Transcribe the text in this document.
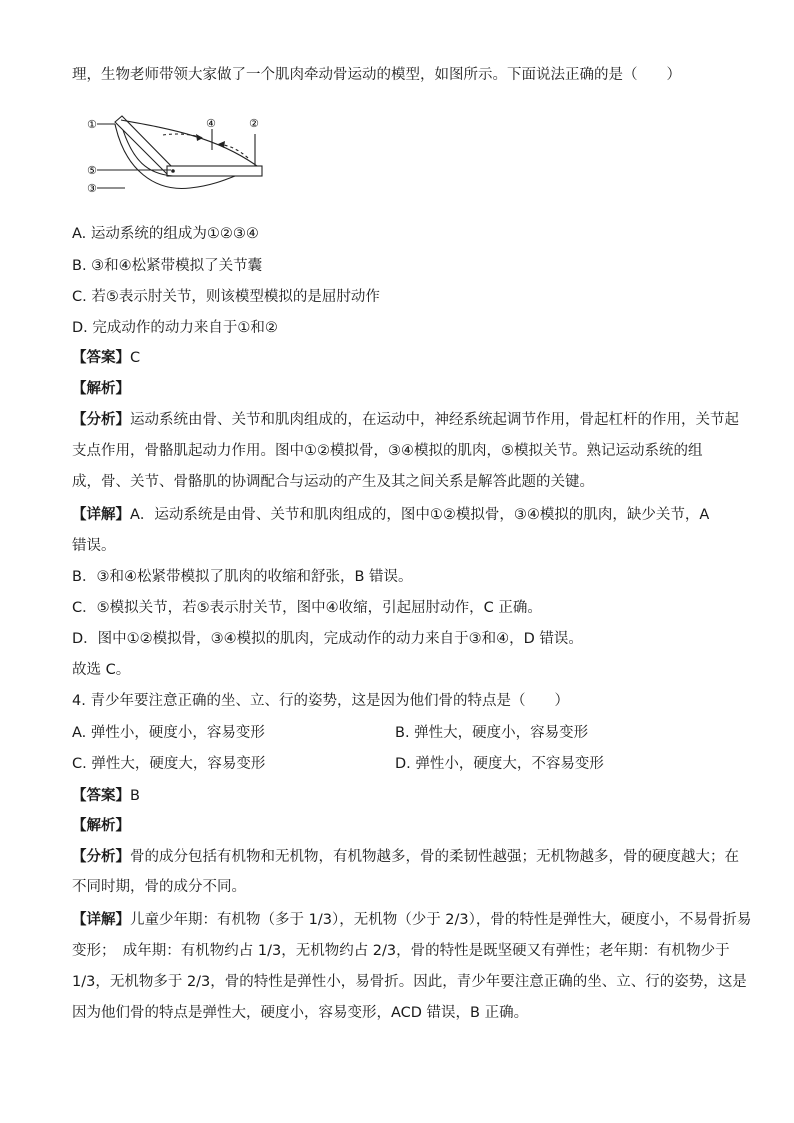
理，生物老师带领大家做了一个肌肉牵动骨运动的模型，如图所示。下面说法正确的是（　　）
①
⑤
③
④	②
A. 运动系统的组成为①②③④
B. ③和④松紧带模拟了关节囊
C. 若⑤表示肘关节，则该模型模拟的是屈肘动作
D. 完成动作的动力来自于①和②
【答案】C
【解析】
【分析】运动系统由骨、关节和肌肉组成的，在运动中，神经系统起调节作用，骨起杠杆的作用，关节起
支点作用，骨骼肌起动力作用。图中①②模拟骨，③④模拟的肌肉，⑤模拟关节。熟记运动系统的组
成，骨、关节、骨骼肌的协调配合与运动的产生及其之间关系是解答此题的关键。
【详解】A．运动系统是由骨、关节和肌肉组成的，图中①②模拟骨，③④模拟的肌肉，缺少关节，A
错误。
B．③和④松紧带模拟了肌肉的收缩和舒张，B 错误。
C．⑤模拟关节，若⑤表示肘关节，图中④收缩，引起屈肘动作，C 正确。
D．图中①②模拟骨，③④模拟的肌肉，完成动作的动力来自于③和④，D 错误。
故选 C。
4. 青少年要注意正确的坐、立、行的姿势，这是因为他们骨的特点是（　　）
A. 弹性小，硬度小，容易变形	B. 弹性大，硬度小，容易变形
C. 弹性大，硬度大，容易变形	D. 弹性小，硬度大，不容易变形
【答案】B
【解析】
【分析】骨的成分包括有机物和无机物，有机物越多，骨的柔韧性越强；无机物越多，骨的硬度越大；在
不同时期，骨的成分不同。
【详解】儿童少年期：有机物（多于 1/3），无机物（少于 2/3），骨的特性是弹性大，硬度小，不易骨折易
变形；　成年期：有机物约占 1/3，无机物约占 2/3，骨的特性是既坚硬又有弹性；老年期：有机物少于
1/3，无机物多于 2/3，骨的特性是弹性小，易骨折。因此，青少年要注意正确的坐、立、行的姿势，这是
因为他们骨的特点是弹性大，硬度小，容易变形，ACD 错误，B 正确。
